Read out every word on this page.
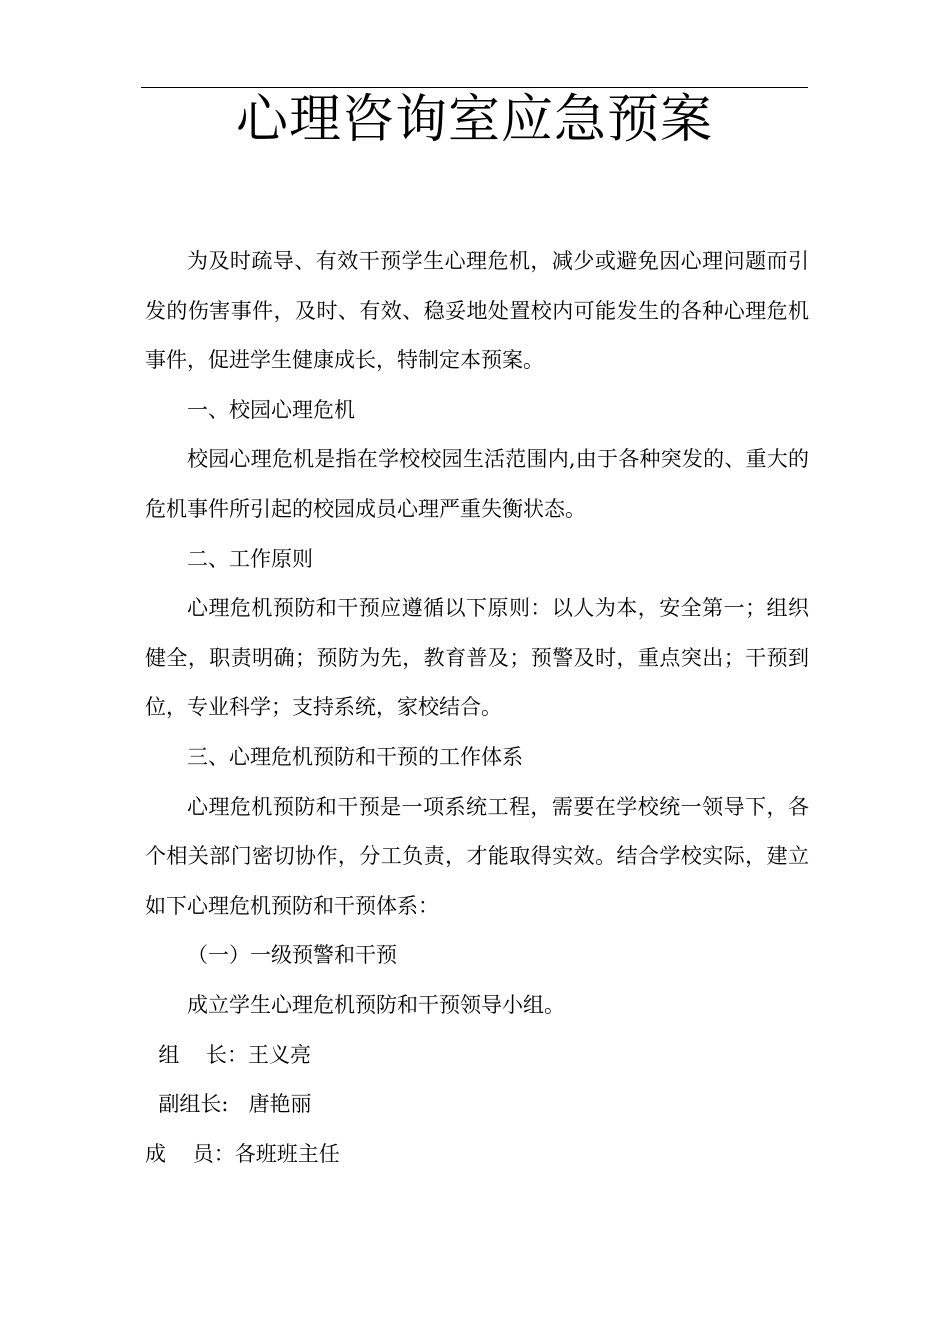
心理咨询室应急预案

为及时疏导、有效干预学生心理危机，减少或避免因心理问题而引发的伤害事件，及时、有效、稳妥地处置校内可能发生的各种心理危机事件，促进学生健康成长，特制定本预案。

一、校园心理危机

校园心理危机是指在学校校园生活范围内,由于各种突发的、重大的危机事件所引起的校园成员心理严重失衡状态。

二、工作原则

心理危机预防和干预应遵循以下原则：以人为本，安全第一；组织健全，职责明确；预防为先，教育普及；预警及时，重点突出；干预到位，专业科学；支持系统，家校结合。

三、心理危机预防和干预的工作体系

心理危机预防和干预是一项系统工程，需要在学校统一领导下，各个相关部门密切协作，分工负责，才能取得实效。结合学校实际，建立如下心理危机预防和干预体系：

（一）一级预警和干预

成立学生心理危机预防和干预领导小组。

组    长：王义亮

副组长:   唐艳丽

成    员：各班班主任
